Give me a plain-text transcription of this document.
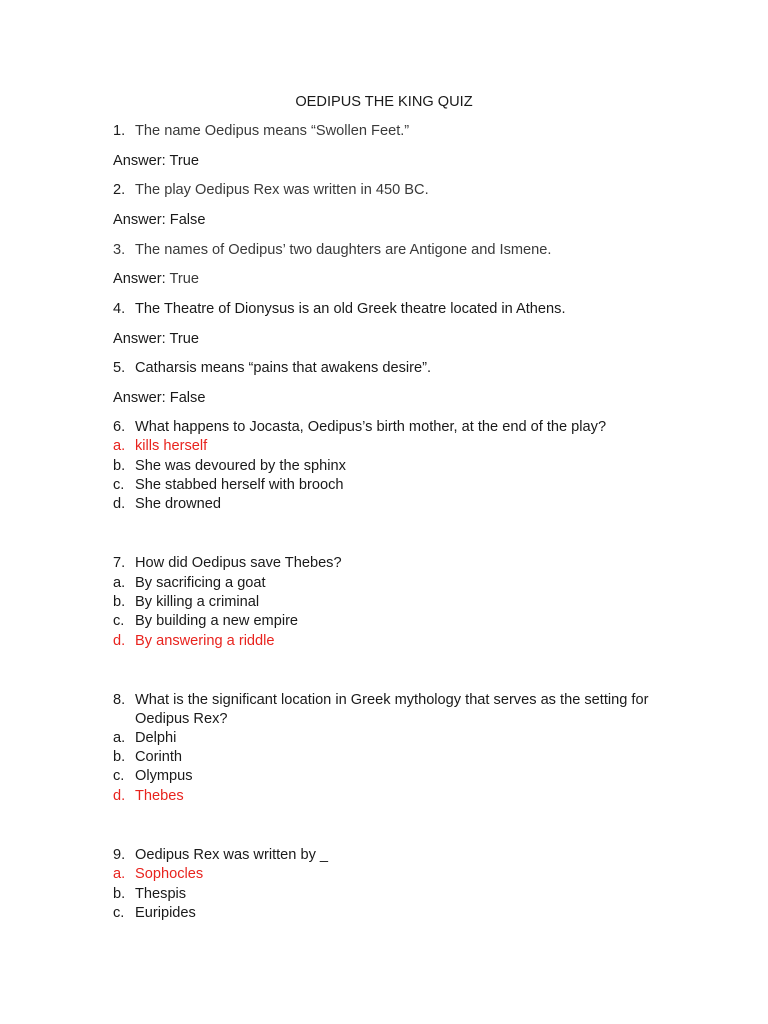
OEDIPUS THE KING QUIZ
1. The name Oedipus means “Swollen Feet.”
Answer: True
2. The play Oedipus Rex was written in 450 BC.
Answer: False
3. The names of Oedipus’ two daughters are Antigone and Ismene.
Answer: True
4. The Theatre of Dionysus is an old Greek theatre located in Athens.
Answer: True
5. Catharsis means “pains that awakens desire”.
Answer: False
6. What happens to Jocasta, Oedipus’s birth mother, at the end of the play?
a. kills herself
b. She was devoured by the sphinx
c. She stabbed herself with brooch
d. She drowned
7. How did Oedipus save Thebes?
a. By sacrificing a goat
b. By killing a criminal
c. By building a new empire
d. By answering a riddle
8. What is the significant location in Greek mythology that serves as the setting for Oedipus Rex?
a. Delphi
b. Corinth
c. Olympus
d. Thebes
9. Oedipus Rex was written by _
a. Sophocles
b. Thespis
c. Euripides
